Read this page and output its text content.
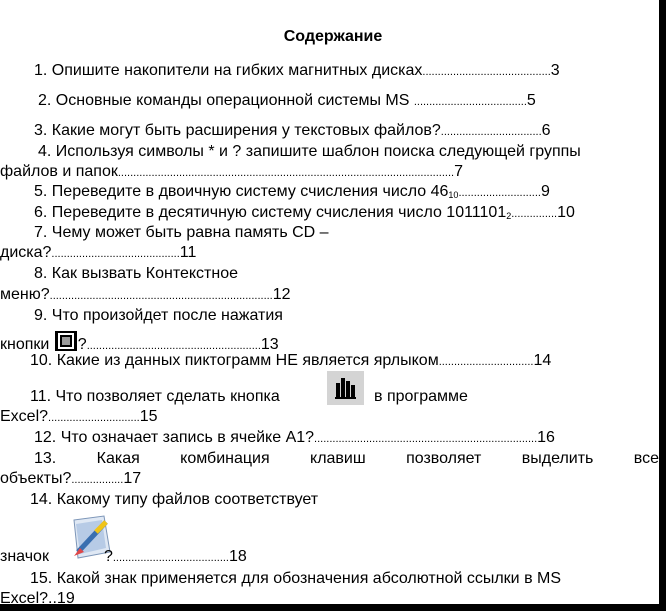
Содержание
1. Опишите накопители на гибких магнитных дисках..........................................3
2. Основные команды операционной системы MS .....................................5
3. Какие могут быть расширения у текстовых файлов?.................................6
4. Используя символы * и ? запишите шаблон поиска следующей группы
файлов и папок..............................................................................................................7
5. Переведите в двоичную систему счисления число $46_{10}...........................9$
6. Переведите в десятичную систему счисления число $1011101_2...............10$
7. Чему может быть равна память CD –
диска?..........................................11
8. Как вызвать Контекстное
меню?.........................................................................12
9. Что произойдет после нажатия
кнопки ?.........................................................13
10. Какие из данных пиктограмм НЕ является ярлыком...............................14
11. Что позволяет сделать кнопка	в программе
Excel?..............................15
12. Что означает запись в ячейке А1?.........................................................................16
13.	Какая	комбинация	клавиш	позволяет	выделить	все
объекты?.................17
14. Какому типу файлов соответствует
значок	?......................................18
15. Какой знак применяется для обозначения абсолютной ссылки в MS
Excel?..19
